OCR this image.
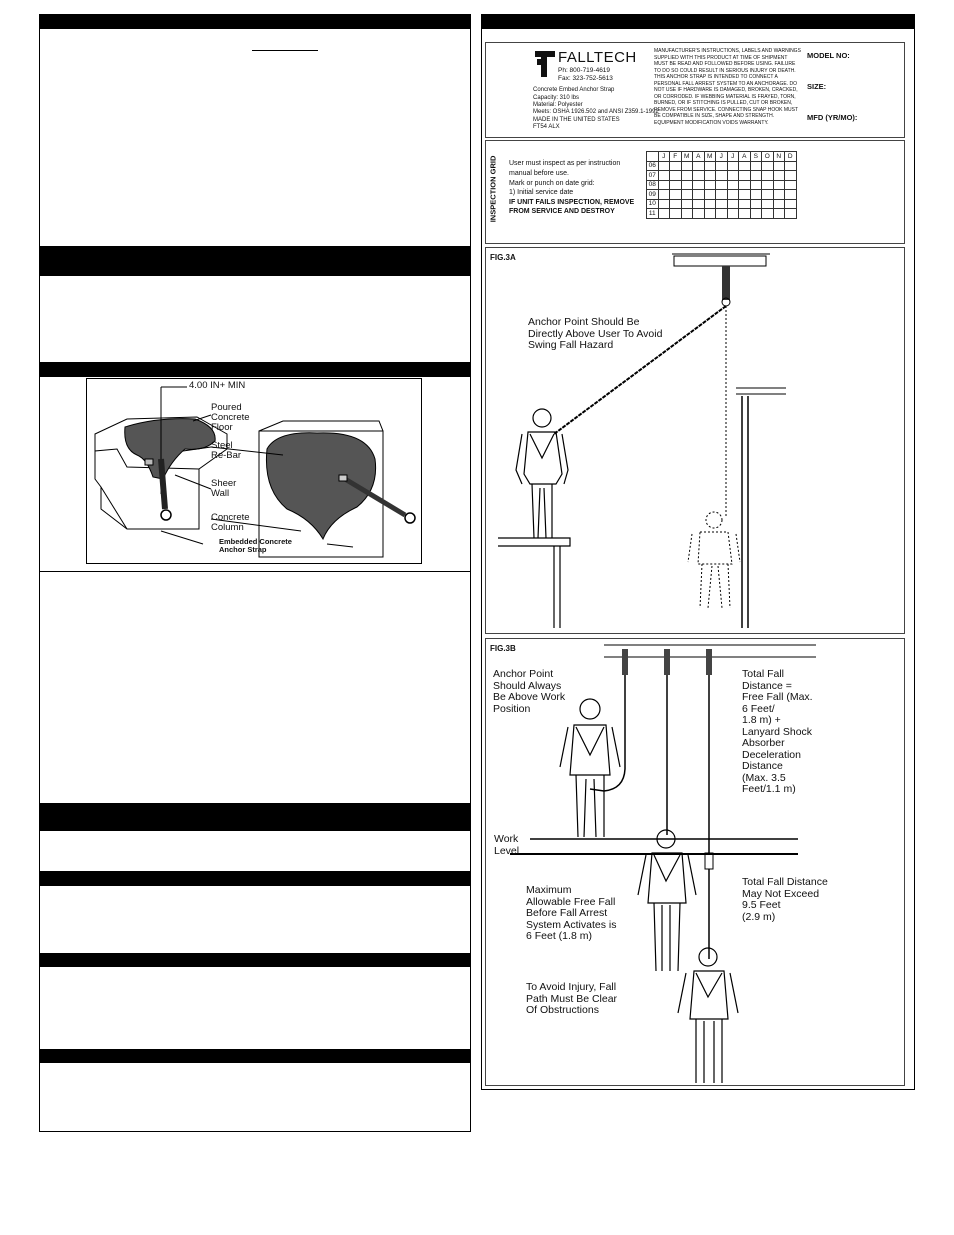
4.00 IN+ MIN
Poured
Concrete
Floor
Steel
Re-Bar
Sheer
Wall
Concrete
Column
Embedded Concrete
Anchor Strap
FALLTECH
Ph: 800-719-4619
Fax: 323-752-5613
Concrete Embed Anchor Strap
Capacity: 310 lbs
Material: Polyester
Meets: OSHA 1926.502 and ANSI Z359.1-1992
MADE IN THE UNITED STATES
FT54 ALX
MANUFACTURER'S INSTRUCTIONS, LABELS AND WARNINGS SUPPLIED WITH THIS PRODUCT AT TIME OF SHIPMENT MUST BE READ AND FOLLOWED BEFORE USING. FAILURE TO DO SO COULD RESULT IN SERIOUS INJURY OR DEATH. THIS ANCHOR STRAP IS INTENDED TO CONNECT A PERSONAL FALL ARREST SYSTEM TO AN ANCHORAGE. DO NOT USE IF HARDWARE IS DAMAGED, BROKEN, CRACKED, OR CORRODED. IF WEBBING MATERIAL IS FRAYED, TORN, BURNED, OR IF STITCHING IS PULLED, CUT OR BROKEN, REMOVE FROM SERVICE. CONNECTING SNAP HOOK MUST BE COMPATIBLE IN SIZE, SHAPE AND STRENGTH. EQUIPMENT MODIFICATION VOIDS WARRANTY.
MODEL NO:
SIZE:
MFD (YR/MO):
INSPECTION GRID User must inspect as per instruction
manual before use.
Mark or punch on date grid:
1) Initial service date
IF UNIT FAILS INSPECTION, REMOVE
FROM SERVICE AND DESTROY
	J	F	M	A	M	J	J	A	S	O	N	D
06												
07												
08												
09												
10												
11												
FIG.3A
Anchor Point Should Be
Directly Above User To Avoid
Swing Fall Hazard
FIG.3B
Anchor Point
Should Always
Be Above Work
Position
Total Fall
Distance =
Free Fall (Max.
6 Feet/
1.8 m) +
Lanyard Shock
Absorber
Deceleration
Distance
(Max. 3.5
Feet/1.1 m)
Work
Level
Maximum
Allowable Free Fall
Before Fall Arrest
System Activates is
6 Feet (1.8 m)
Total Fall Distance
May Not Exceed
9.5 Feet
(2.9 m)
To Avoid Injury, Fall
Path Must Be Clear
Of Obstructions
